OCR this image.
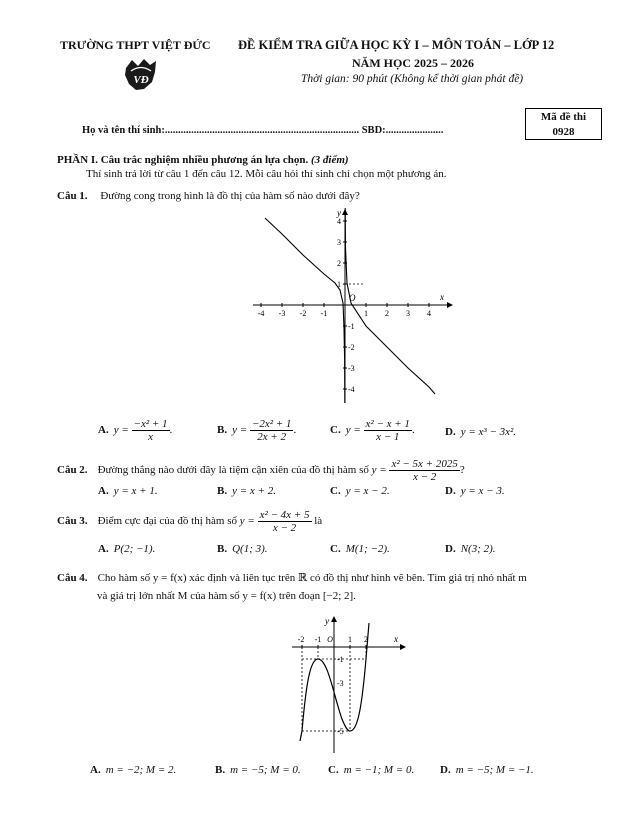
TRƯỜNG THPT VIỆT ĐỨC
VĐ
ĐỀ KIỂM TRA GIỮA HỌC KỲ I – MÔN TOÁN – LỚP 12
NĂM HỌC 2025 – 2026
Thời gian: 90 phút (Không kể thời gian phát đề)
Mã đề thi
0928
Họ và tên thí sinh:.......................................................................... SBD:......................
PHẦN I. Câu trắc nghiệm nhiều phương án lựa chọn. (3 điểm)
Thí sinh trả lời từ câu 1 đến câu 12. Mỗi câu hỏi thí sinh chỉ chọn một phương án.
Câu 1. Đường cong trong hình là đồ thị của hàm số nào dưới đây?
-4 -3 -2 -1	1 2 3 4
4
3
2
1
-1
-2
-3
-4
x
y
O
A. $y = \frac{\text{−x² + 1}}{x}$ .	B. $y = \frac{\text{−2x² + 1}}{2x + 2}$ .	C. $y = \frac{\text{x² − x + 1}}{x - 1}$ .	D. y = x³ − 3x².
Câu 2. Đường thẳng nào dưới đây là tiệm cận xiên của đồ thị hàm số $y = \frac{\text{x² − 5x + 2025}}{x - 2}$ ?
A. y = x + 1.	B. y = x + 2.	C. y = x − 2.	D. y = x − 3.
Câu 3. Điểm cực đại của đồ thị hàm số $y = \frac{\text{x² − 4x + 5}}{x - 2}$ là
A. P(2; −1).	B. Q(1; 3).	C. M(1; −2).	D. N(3; 2).
Câu 4. Cho hàm số y = f(x) xác định và liên tục trên ℝ có đồ thị như hình vẽ bên. Tìm giá trị nhỏ nhất m
và giá trị lớn nhất M của hàm số y = f(x) trên đoạn [−2; 2].
-2 -1 O 1 2
-1
-3
-5
x
y
A. m = −2; M = 2.	B. m = −5; M = 0. C. m = −1; M = 0. D. m = −5; M = −1.
